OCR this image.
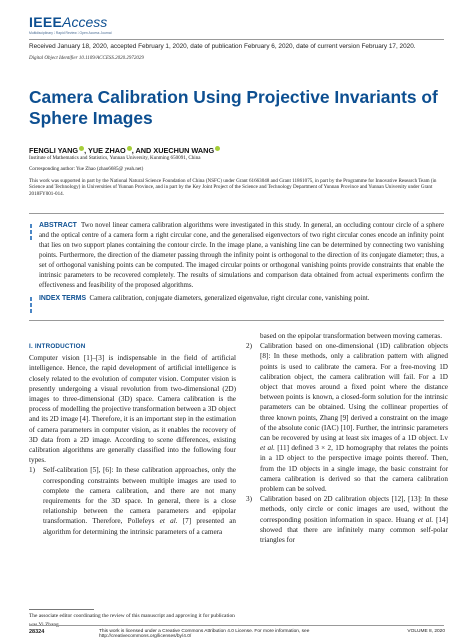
IEEEAccess
Multidisciplinary ⁞ Rapid Review ⁞ Open Access Journal
Received January 18, 2020, accepted February 1, 2020, date of publication February 6, 2020, date of current version February 17, 2020.
Digital Object Identifier 10.1109/ACCESS.2020.2972029
Camera Calibration Using Projective Invariants of Sphere Images
FENGLI YANG , YUE ZHAO , AND XUECHUN WANG
Institute of Mathematics and Statistics, Yunnan University, Kunming 650091, China
Corresponding author: Yue Zhao (zhao6685@ yeah.net)
This work was supported in part by the National Natural Science Foundation of China (NSFC) under Grant 61663048 and Grant 11861075, in part by the Programme for Innovative Research Team (in Science and Technology) in Universities of Yunnan Province, and in part by the Key Joint Project of the Science and Technology Department of Yunnan Province and Yunnan University under Grant 2018FY001-014.
ABSTRACT Two novel linear camera calibration algorithms were investigated in this study. In general, an occluding contour circle of a sphere and the optical centre of a camera form a right circular cone, and the generalised eigenvectors of two right circular cones encode an infinity point that lies on two support planes containing the contour circle. In the image plane, a vanishing line can be determined by connecting two vanishing points. Furthermore, the direction of the diameter passing through the infinity point is orthogonal to the direction of its conjugate diameter; thus, a set of orthogonal vanishing points can be computed. The imaged circular points or orthogonal vanishing points provide constraints that enable the intrinsic parameters to be recovered completely. The results of simulations and comparison data obtained from actual experiments confirm the effectiveness and feasibility of the proposed algorithms.
INDEX TERMS Camera calibration, conjugate diameters, generalized eigenvalue, right circular cone, vanishing point.
I. INTRODUCTION
Computer vision [1]–[3] is indispensable in the field of artificial intelligence. Hence, the rapid development of artificial intelligence is closely related to the evolution of computer vision. Computer vision is presently undergoing a visual revolution from two-dimensional (2D) images to three-dimensional (3D) space. Camera calibration is the process of modelling the projective transformation between a 3D object and its 2D image [4]. Therefore, it is an important step in the estimation of camera parameters in computer vision, as it enables the recovery of 3D data from a 2D image. According to scene differences, existing calibration algorithms are generally classified into the following four types.
1)	Self-calibration [5], [6]: In these calibration approaches, only the corresponding constraints between multiple images are used to complete the camera calibration, and there are not many requirements for the 3D space. In general, there is a close relationship between the camera parameters and epipolar transformation. Therefore, Pollefeys et al. [7] presented an algorithm for determining the intrinsic parameters of a camera
based on the epipolar transformation between moving cameras.
2)	Calibration based on one-dimensional (1D) calibration objects [8]: In these methods, only a calibration pattern with aligned points is used to calibrate the camera. For a free-moving 1D calibration object, the camera calibration will fail. For a 1D object that moves around a fixed point where the distance between points is known, a closed-form solution for the intrinsic parameters can be obtained. Using the collinear properties of three known points, Zhang [9] derived a constraint on the image of the absolute conic (IAC) [10]. Further, the intrinsic parameters can be recovered by using at least six images of a 1D object. Lv et al. [11] defined 3 × 2, 1D homography that relates the points in a 1D object to the perspective image points thereof. Then, from the 1D objects in a single image, the basic constraint for camera calibration is derived so that the camera calibration problem can be solved.
3)	Calibration based on 2D calibration objects [12], [13]: In these methods, only circle or conic images are used, without the corresponding position information in space. Huang et al. [14] showed that there are infinitely many common self-polar triangles for
The associate editor coordinating the review of this manuscript and approving it for publication
28324	This work is licensed under a Creative Commons Attribution 4.0 License. For more information, see http://creativecommons.org/licenses/by/4.0/
VOLUME 8, 2020
